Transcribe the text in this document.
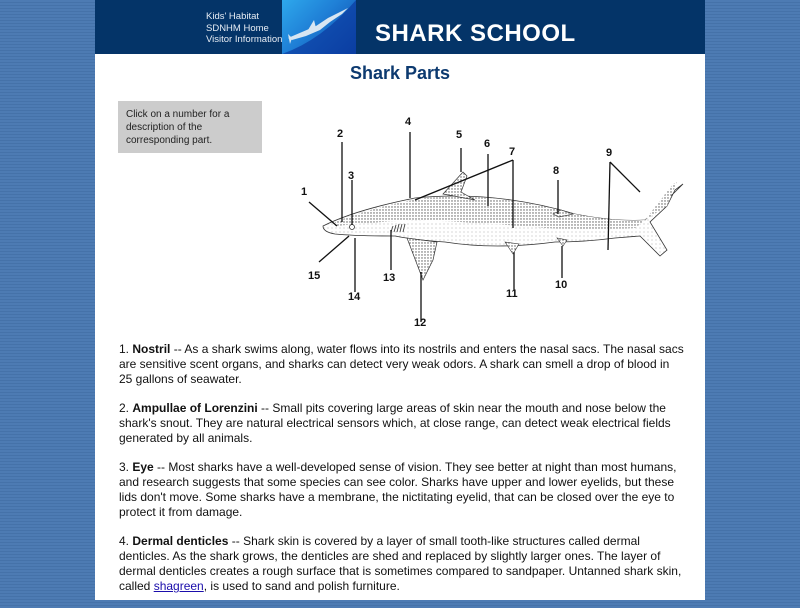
Kids' Habitat
SDNHM Home
Visitor Information	SHARK SCHOOL
Shark Parts
Click on a number for a description of the corresponding part.
1
2
3
4
5
6
7
8
9
10
11
12
13
14
15

1. Nostril -- As a shark swims along, water flows into its nostrils and enters the nasal sacs. The nasal sacs are sensitive scent organs, and sharks can detect very weak odors. A shark can smell a drop of blood in 25 gallons of seawater.

2. Ampullae of Lorenzini -- Small pits covering large areas of skin near the mouth and nose below the shark's snout. They are natural electrical sensors which, at close range, can detect weak electrical fields generated by all animals.

3. Eye -- Most sharks have a well-developed sense of vision. They see better at night than most humans, and research suggests that some species can see color. Sharks have upper and lower eyelids, but these lids don't move. Some sharks have a membrane, the nictitating eyelid, that can be closed over the eye to protect it from damage.

4. Dermal denticles -- Shark skin is covered by a layer of small tooth-like structures called dermal denticles. As the shark grows, the denticles are shed and replaced by slightly larger ones. The layer of dermal denticles creates a rough surface that is sometimes compared to sandpaper. Untanned shark skin, called shagreen, is used to sand and polish furniture.
